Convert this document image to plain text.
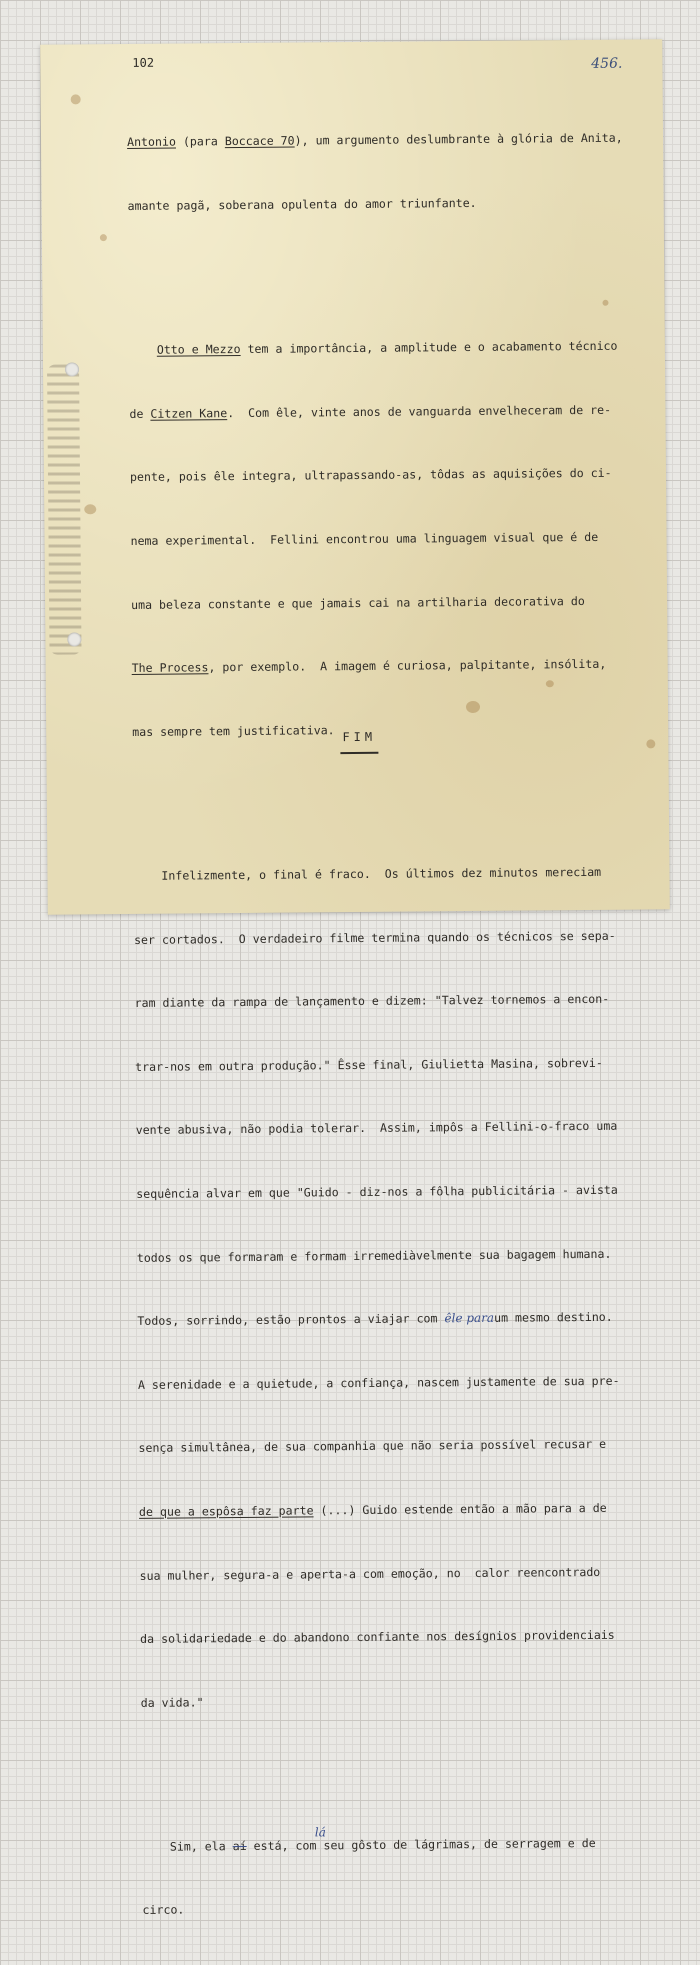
102	456.

Antonio (para Boccace 70), um argumento deslumbrante à glória de Anita,

amante pagã, soberana opulenta do amor triunfante.

Otto e Mezzo tem a importância, a amplitude e o acabamento técnico

de Citzen Kane.  Com êle, vinte anos de vanguarda envelheceram de re-

pente, pois êle integra, ultrapassando-as, tôdas as aquisições do ci-

nema experimental.  Fellini encontrou uma linguagem visual que é de

uma beleza constante e que jamais cai na artilharia decorativa do

The Process, por exemplo.  A imagem é curiosa, palpitante, insólita,

mas sempre tem justificativa.

Infelizmente, o final é fraco.  Os últimos dez minutos mereciam

ser cortados.  O verdadeiro filme termina quando os técnicos se sepa-

ram diante da rampa de lançamento e dizem: "Talvez tornemos a encon-

trar-nos em outra produção." Êsse final, Giulietta Masina, sobrevi-

vente abusiva, não podia tolerar.  Assim, impôs a Fellini-o-fraco uma

sequência alvar em que "Guido - diz-nos a fôlha publicitária - avista

todos os que formaram e formam irremediàvelmente sua bagagem humana.

Todos, sorrindo, estão prontos a viajar com êle paraum mesmo destino.

A serenidade e a quietude, a confiança, nascem justamente de sua pre-

sença simultânea, de sua companhia que não seria possível recusar e

de que a espôsa faz parte (...) Guido estende então a mão para a de

sua mulher, segura-a e aperta-a com emoção, no  calor reencontrado

da solidariedade e do abandono confiante nos desígnios providenciais

da vida."

Sim, ela aí está, com seu gôsto de lágrimas, de serragem e de
lá

circo.

FIM
